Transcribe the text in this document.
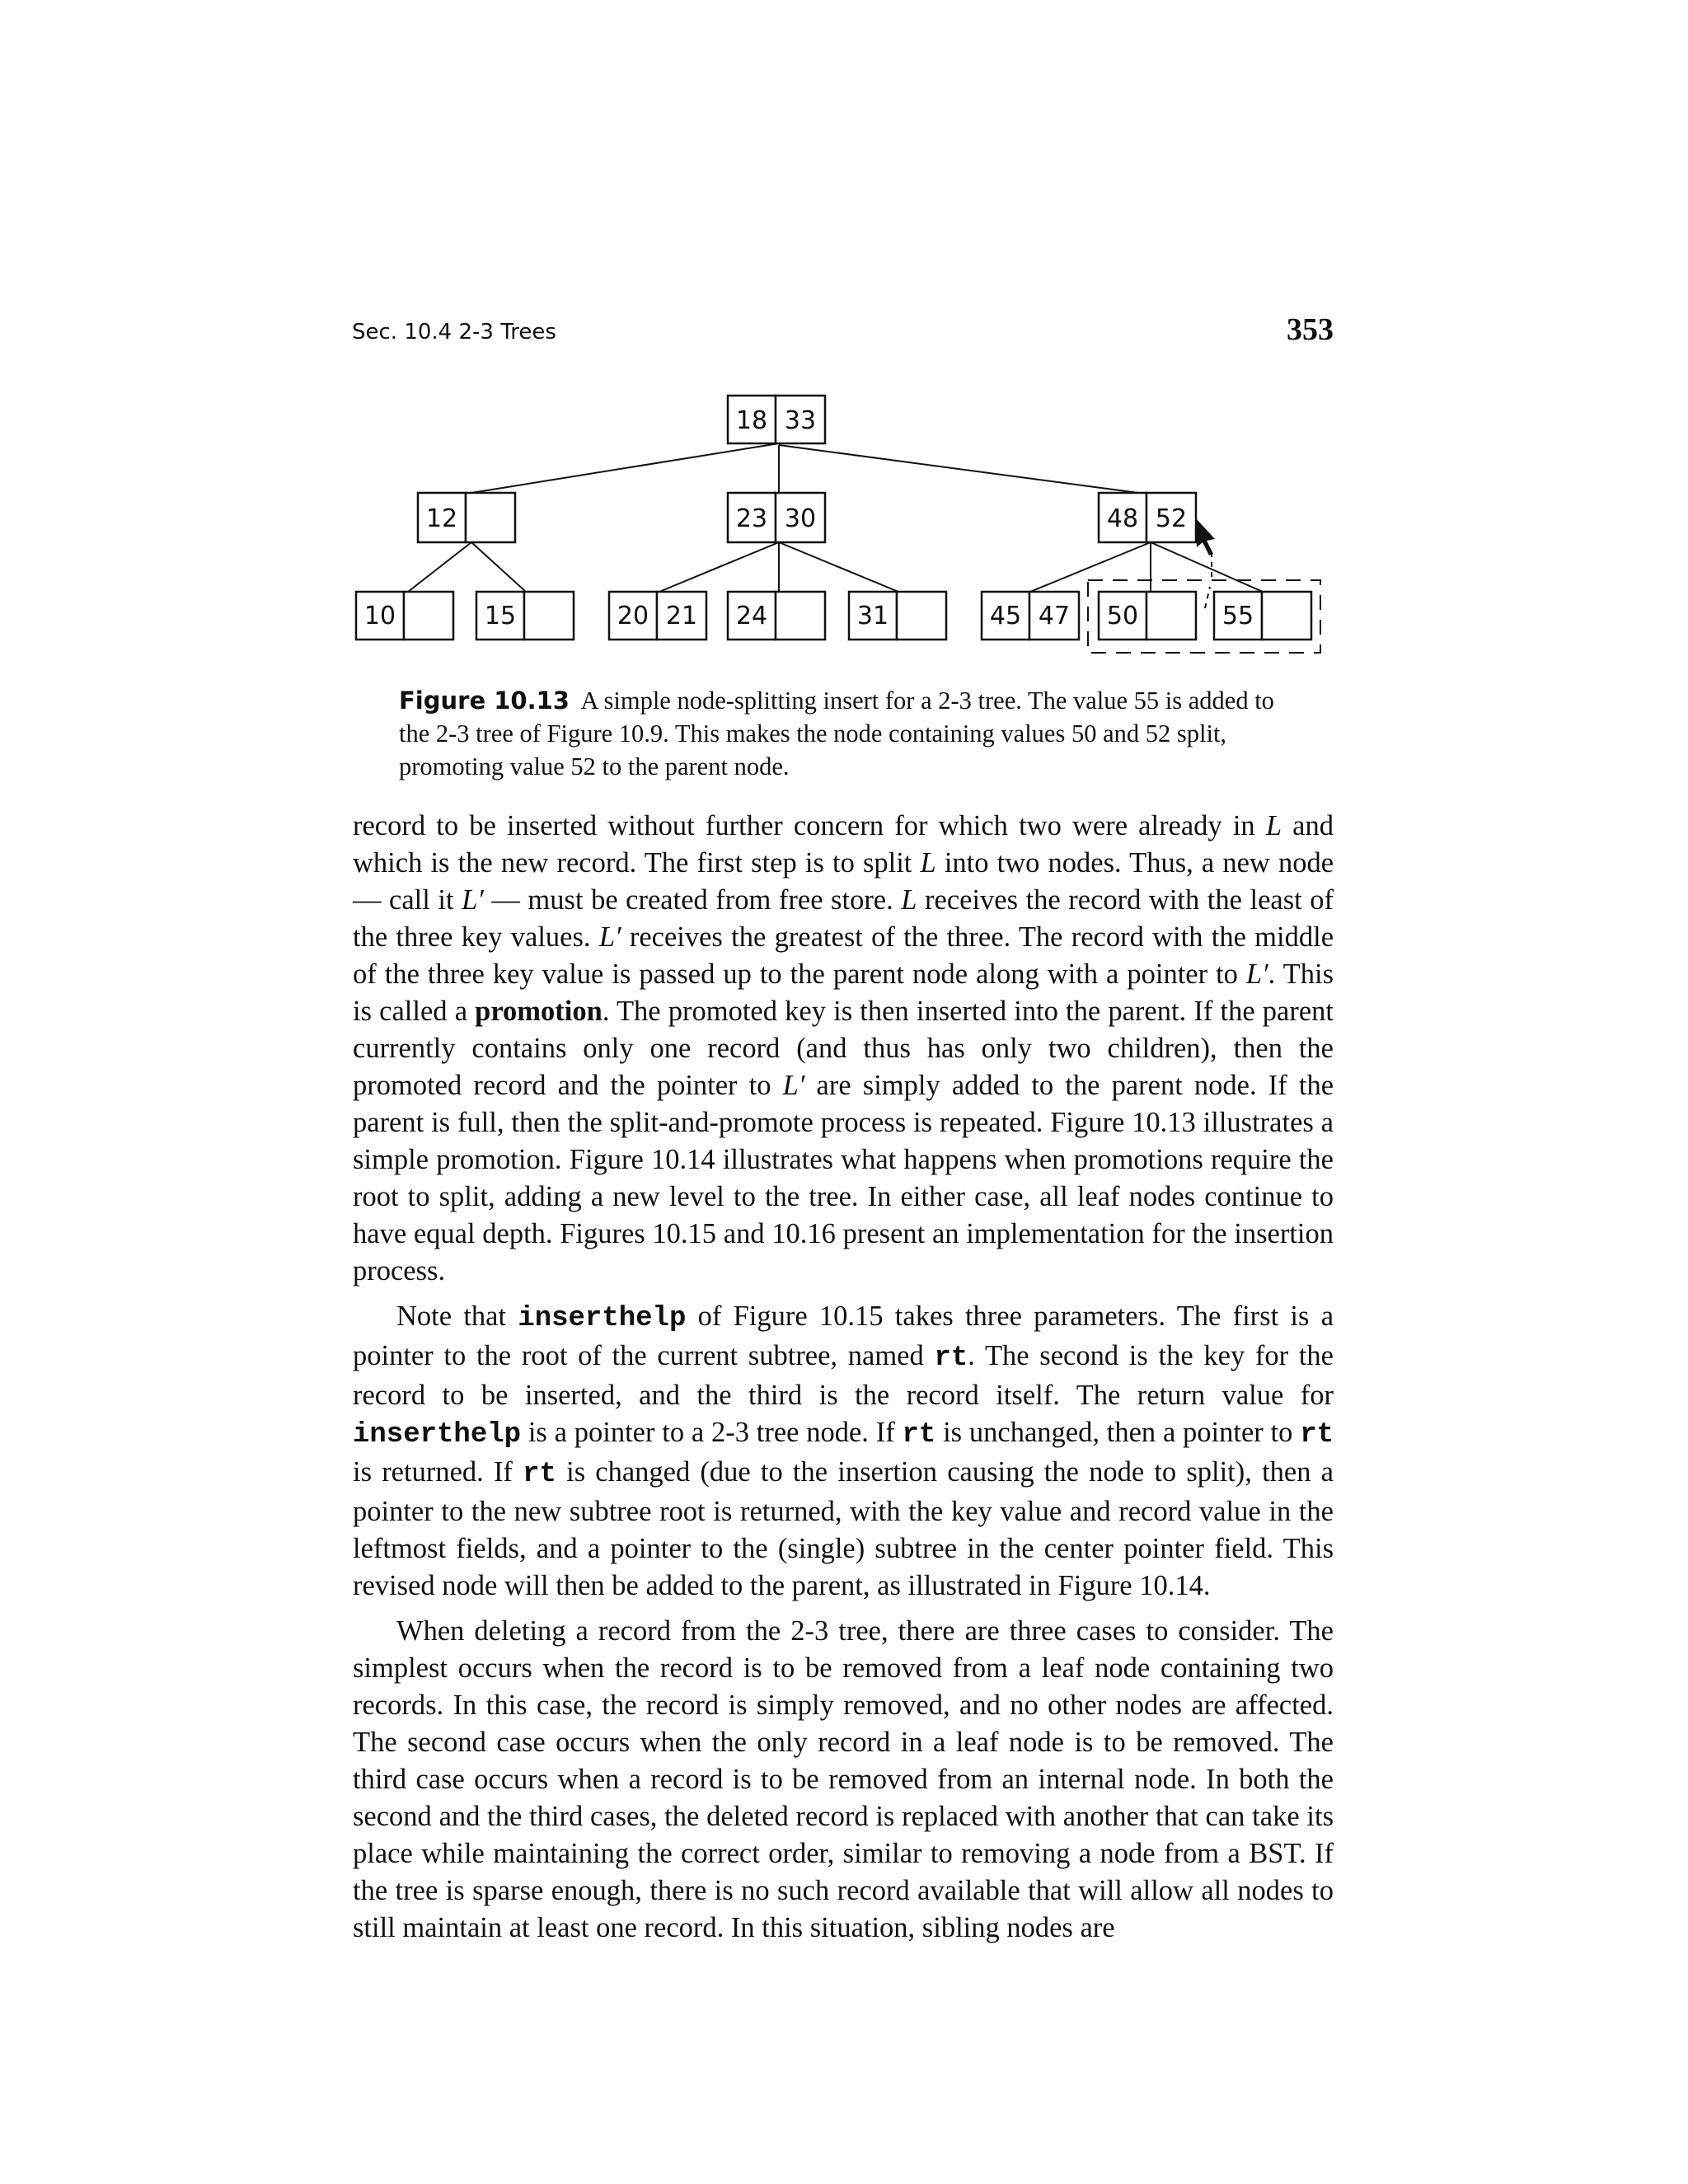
Sec. 10.4 2-3 Trees	353
18 33
12	23 30	48 52
10	15	20 21 24	31	45 47 50	55
Figure 10.13 A simple node-splitting insert for a 2-3 tree. The value 55 is added to the 2-3 tree of Figure 10.9. This makes the node containing values 50 and 52 split, promoting value 52 to the parent node.

record to be inserted without further concern for which two were already in L and which is the new record. The first step is to split L into two nodes. Thus, a new node — call it L′ — must be created from free store. L receives the record with the least of the three key values. L′ receives the greatest of the three. The record with the middle of the three key value is passed up to the parent node along with a pointer to L′. This is called a promotion. The promoted key is then inserted into the parent. If the parent currently contains only one record (and thus has only two children), then the promoted record and the pointer to L′ are simply added to the parent node. If the parent is full, then the split-and-promote process is repeated. Figure 10.13 illustrates a simple promotion. Figure 10.14 illustrates what happens when promotions require the root to split, adding a new level to the tree. In either case, all leaf nodes continue to have equal depth. Figures 10.15 and 10.16 present an implementation for the insertion process.

Note that inserthelp of Figure 10.15 takes three parameters. The first is a pointer to the root of the current subtree, named rt. The second is the key for the record to be inserted, and the third is the record itself. The return value for inserthelp is a pointer to a 2-3 tree node. If rt is unchanged, then a pointer to rt is returned. If rt is changed (due to the insertion causing the node to split), then a pointer to the new subtree root is returned, with the key value and record value in the leftmost fields, and a pointer to the (single) subtree in the center pointer field. This revised node will then be added to the parent, as illustrated in Figure 10.14.

When deleting a record from the 2-3 tree, there are three cases to consider. The simplest occurs when the record is to be removed from a leaf node containing two records. In this case, the record is simply removed, and no other nodes are affected. The second case occurs when the only record in a leaf node is to be removed. The third case occurs when a record is to be removed from an internal node. In both the second and the third cases, the deleted record is replaced with another that can take its place while maintaining the correct order, similar to removing a node from a BST. If the tree is sparse enough, there is no such record available that will allow all nodes to still maintain at least one record. In this situation, sibling nodes are
